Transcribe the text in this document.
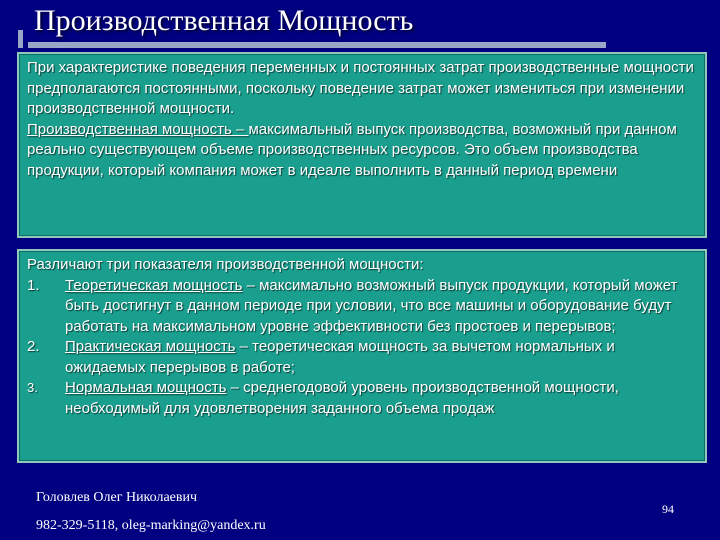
Производственная Мощность

При характеристике поведения переменных и постоянных затрат производственные мощности предполагаются постоянными, поскольку поведение затрат может измениться при изменении производственной мощности.
Производственная мощность – максимальный выпуск производства, возможный при данном реально существующем объеме производственных ресурсов. Это объем производства продукции, который компания может в идеале выполнить в данный период времени

Различают три показателя производственной мощности:

1. Теоретическая мощность – максимально возможный выпуск продукции, который может быть достигнут в данном периоде при условии, что все машины и оборудование будут работать на максимальном уровне эффективности без простоев и перерывов;
2. Практическая мощность – теоретическая мощность за вычетом нормальных и ожидаемых перерывов в работе;
3. Нормальная мощность – среднегодовой уровень производственной мощности, необходимый для удовлетворения заданного объема продаж
Головлев Олег Николаевич
982-329-5118, oleg-marking@yandex.ru
94
